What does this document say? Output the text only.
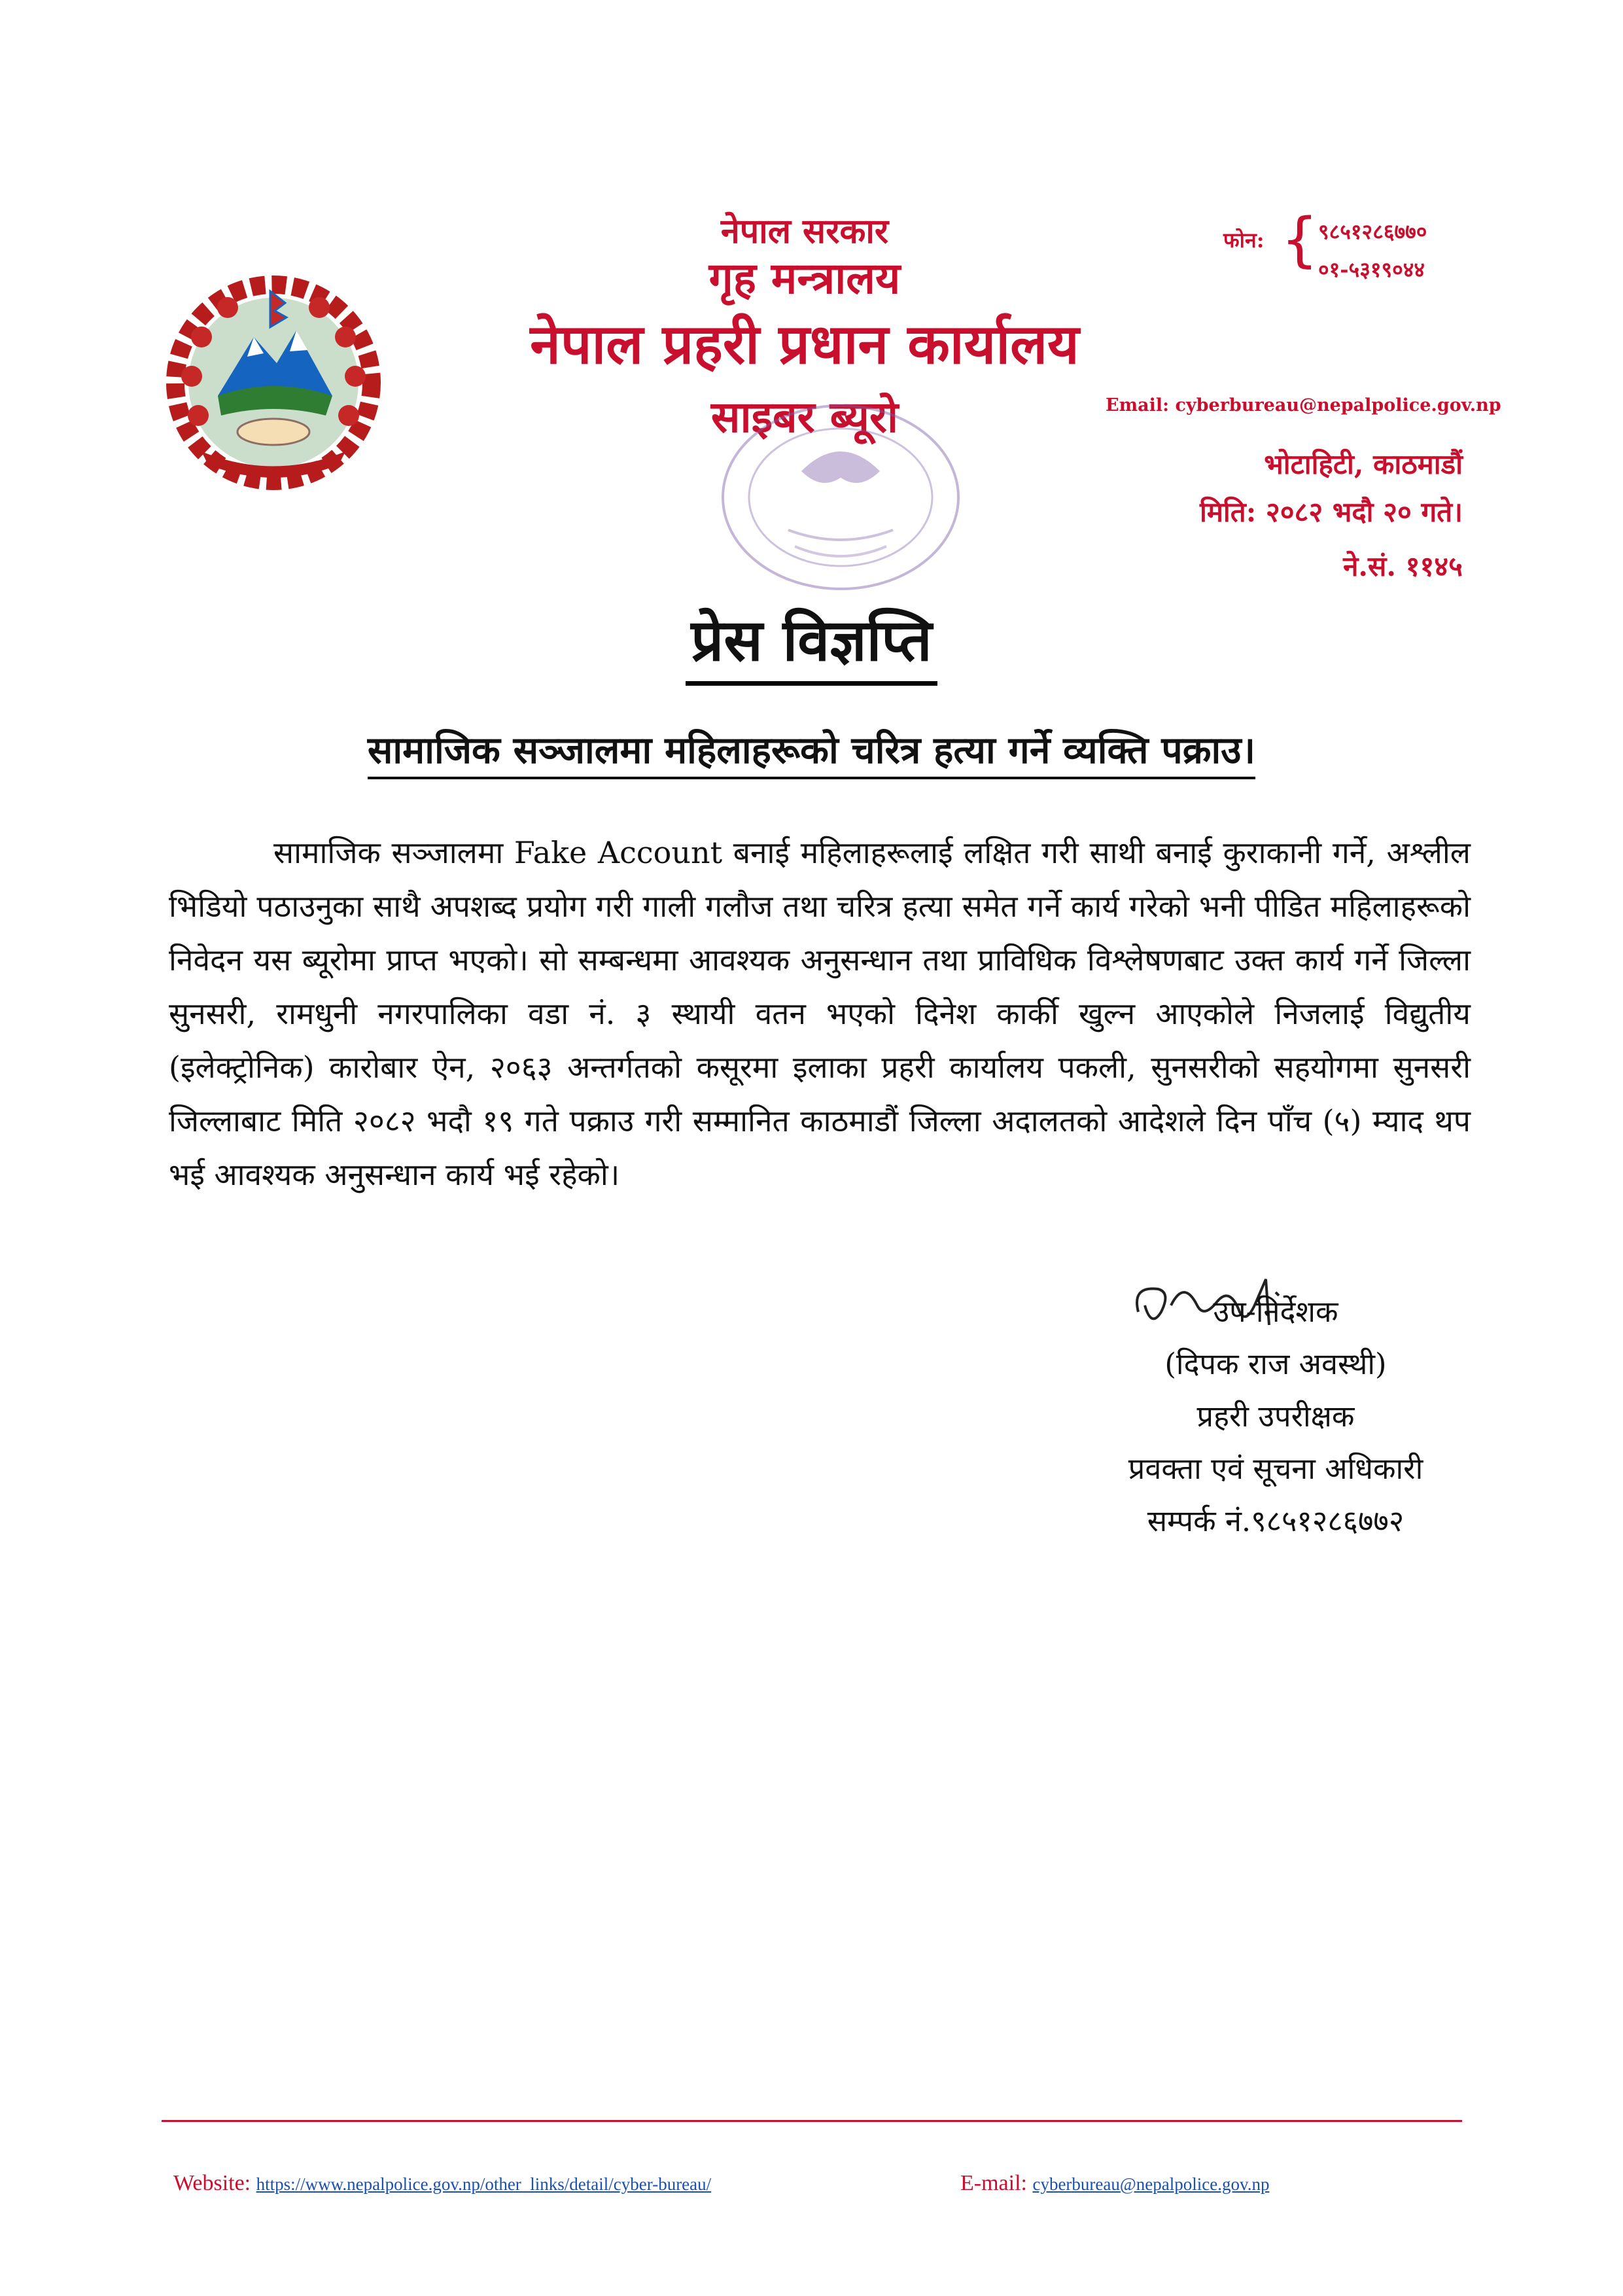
नेपाल सरकार
गृह मन्त्रालय
नेपाल प्रहरी प्रधान कार्यालय
साइबर ब्यूरो
फोन: { ९८५१२८६७७०
०१-५३१९०४४
Email: cyberbureau@nepalpolice.gov.np
भोटाहिटी, काठमाडौं
मिति: २०८२ भदौ २० गते।
ने.सं. ११४५
प्रेस विज्ञप्ति
सामाजिक सञ्जालमा महिलाहरूको चरित्र हत्या गर्ने व्यक्ति पक्राउ।
सामाजिक सञ्जालमा Fake Account बनाई महिलाहरूलाई लक्षित गरी साथी बनाई कुराकानी गर्ने, अश्लील भिडियो पठाउनुका साथै अपशब्द प्रयोग गरी गाली गलौज तथा चरित्र हत्या समेत गर्ने कार्य गरेको भनी पीडित महिलाहरूको निवेदन यस ब्यूरोमा प्राप्त भएको। सो सम्बन्धमा आवश्यक अनुसन्धान तथा प्राविधिक विश्लेषणबाट उक्त कार्य गर्ने जिल्ला सुनसरी, रामधुनी नगरपालिका वडा नं. ३ स्थायी वतन भएको दिनेश कार्की खुल्न आएकोले निजलाई विद्युतीय (इलेक्ट्रोनिक) कारोबार ऐन, २०६३ अन्तर्गतको कसूरमा इलाका प्रहरी कार्यालय पकली, सुनसरीको सहयोगमा सुनसरी जिल्लाबाट मिति २०८२ भदौ १९ गते पक्राउ गरी सम्मानित काठमाडौं जिल्ला अदालतको आदेशले दिन पाँच (५) म्याद थप भई आवश्यक अनुसन्धान कार्य भई रहेको।
उप-निर्देशक
(दिपक राज अवस्थी)
प्रहरी उपरीक्षक
प्रवक्ता एवं सूचना अधिकारी
सम्पर्क नं.९८५१२८६७७२
Website: https://www.nepalpolice.gov.np/other_links/detail/cyber-bureau/	E-mail: cyberbureau@nepalpolice.gov.np
